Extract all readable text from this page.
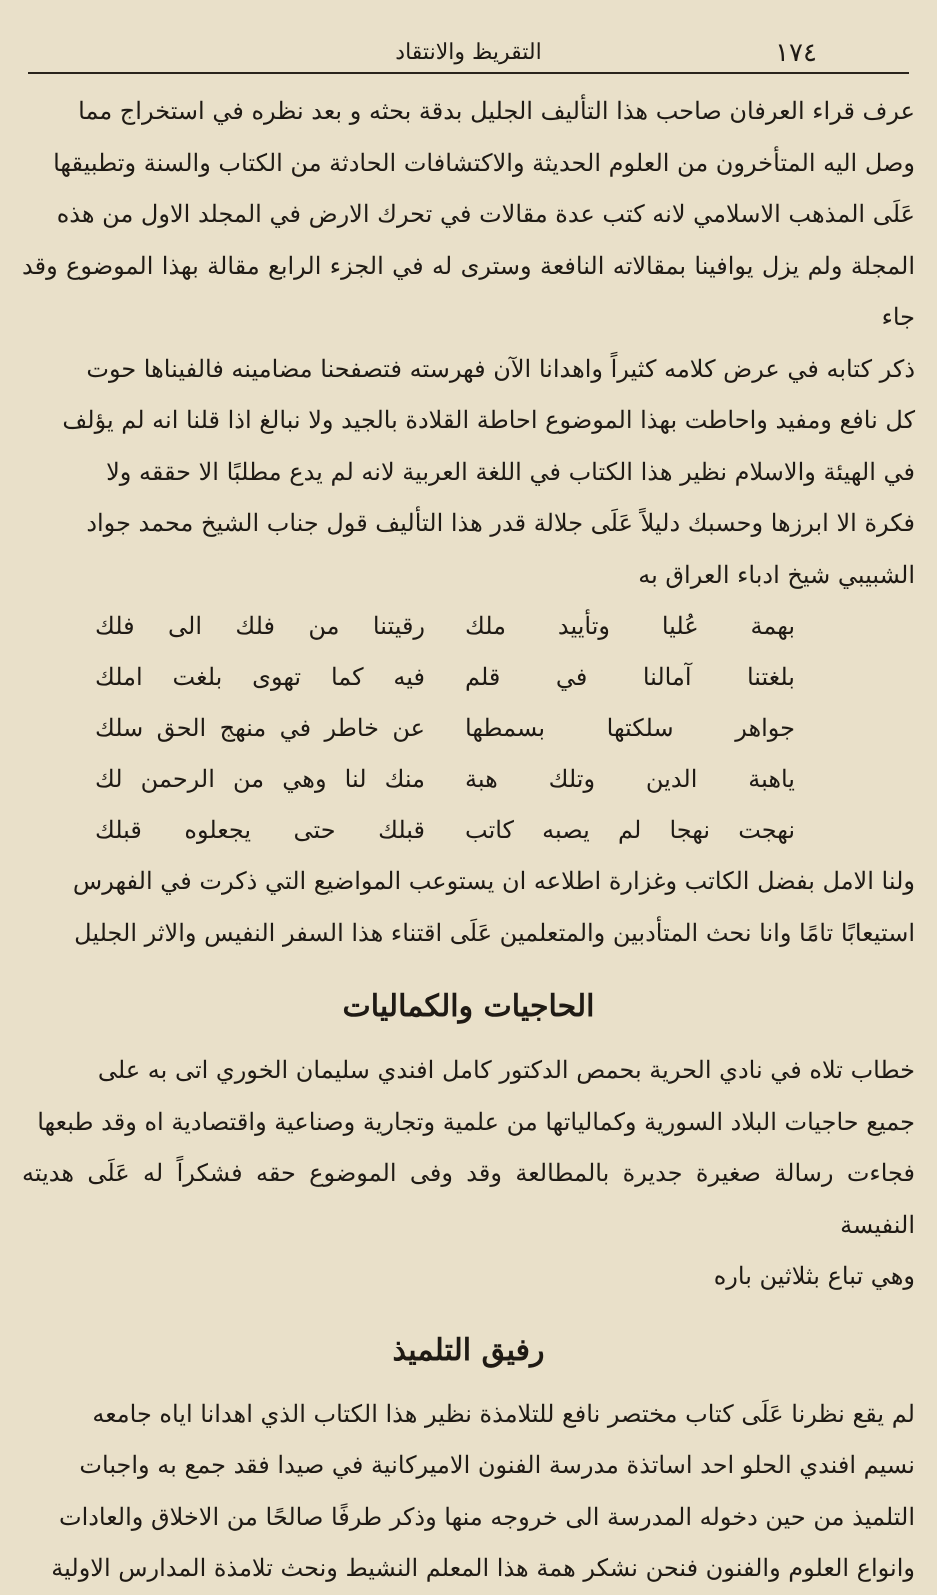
١٧٤
التقريظ والانتقاد

عرف قراء العرفان صاحب هذا التأليف الجليل بدقة بحثه و بعد نظره في استخراج مما

وصل اليه المتأخرون من العلوم الحديثة والاكتشافات الحادثة من الكتاب والسنة وتطبيقها

عَلَى المذهب الاسلامي لانه كتب عدة مقالات في تحرك الارض في المجلد الاول من هذه

المجلة ولم يزل يوافينا بمقالاته النافعة وسترى له في الجزء الرابع مقالة بهذا الموضوع وقد جاء

ذكر كتابه في عرض كلامه كثيراً واهدانا الآن فهرسته فتصفحنا مضامينه فالفيناها حوت

كل نافع ومفيد واحاطت بهذا الموضوع احاطة القلادة بالجيد ولا نبالغ اذا قلنا انه لم يؤلف

في الهيئة والاسلام نظير هذا الكتاب في اللغة العربية لانه لم يدع مطلبًا الا حققه ولا

فكرة الا ابرزها وحسبك دليلاً عَلَى جلالة قدر هذا التأليف قول جناب الشيخ محمد جواد

الشبيبي شيخ ادباء العراق به

بهمة عُليا وتأييد ملك
رقيتنا من فلك الى فلك
بلغتنا آمالنا في قلم
فيه كما تهوى بلغت املك
جواهر سلكتها بسمطها
عن خاطر في منهج الحق سلك
ياهبة الدين وتلك هبة
منك لنا وهي من الرحمن لك
نهجت نهجا لم يصبه كاتب
قبلك حتى يجعلوه قبلك

ولنا الامل بفضل الكاتب وغزارة اطلاعه ان يستوعب المواضيع التي ذكرت في الفهرس

استيعابًا تامًا وانا نحث المتأدبين والمتعلمين عَلَى اقتناء هذا السفر النفيس والاثر الجليل

الحاجيات والكماليات

خطاب تلاه في نادي الحرية بحمص الدكتور كامل افندي سليمان الخوري اتى به على

جميع حاجيات البلاد السورية وكمالياتها من علمية وتجارية وصناعية واقتصادية اه وقد طبعها

فجاءت رسالة صغيرة جديرة بالمطالعة وقد وفى الموضوع حقه فشكراً له عَلَى هديته النفيسة

وهي تباع بثلاثين باره

رفيق التلميذ

لم يقع نظرنا عَلَى كتاب مختصر نافع للتلامذة نظير هذا الكتاب الذي اهدانا اياه جامعه

نسيم افندي الحلو احد اساتذة مدرسة الفنون الاميركانية في صيدا فقد جمع به واجبات

التلميذ من حين دخوله المدرسة الى خروجه منها وذكر طرفًا صالحًا من الاخلاق والعادات

وانواع العلوم والفنون فنحن نشكر همة هذا المعلم النشيط ونحث تلامذة المدارس الاولية
